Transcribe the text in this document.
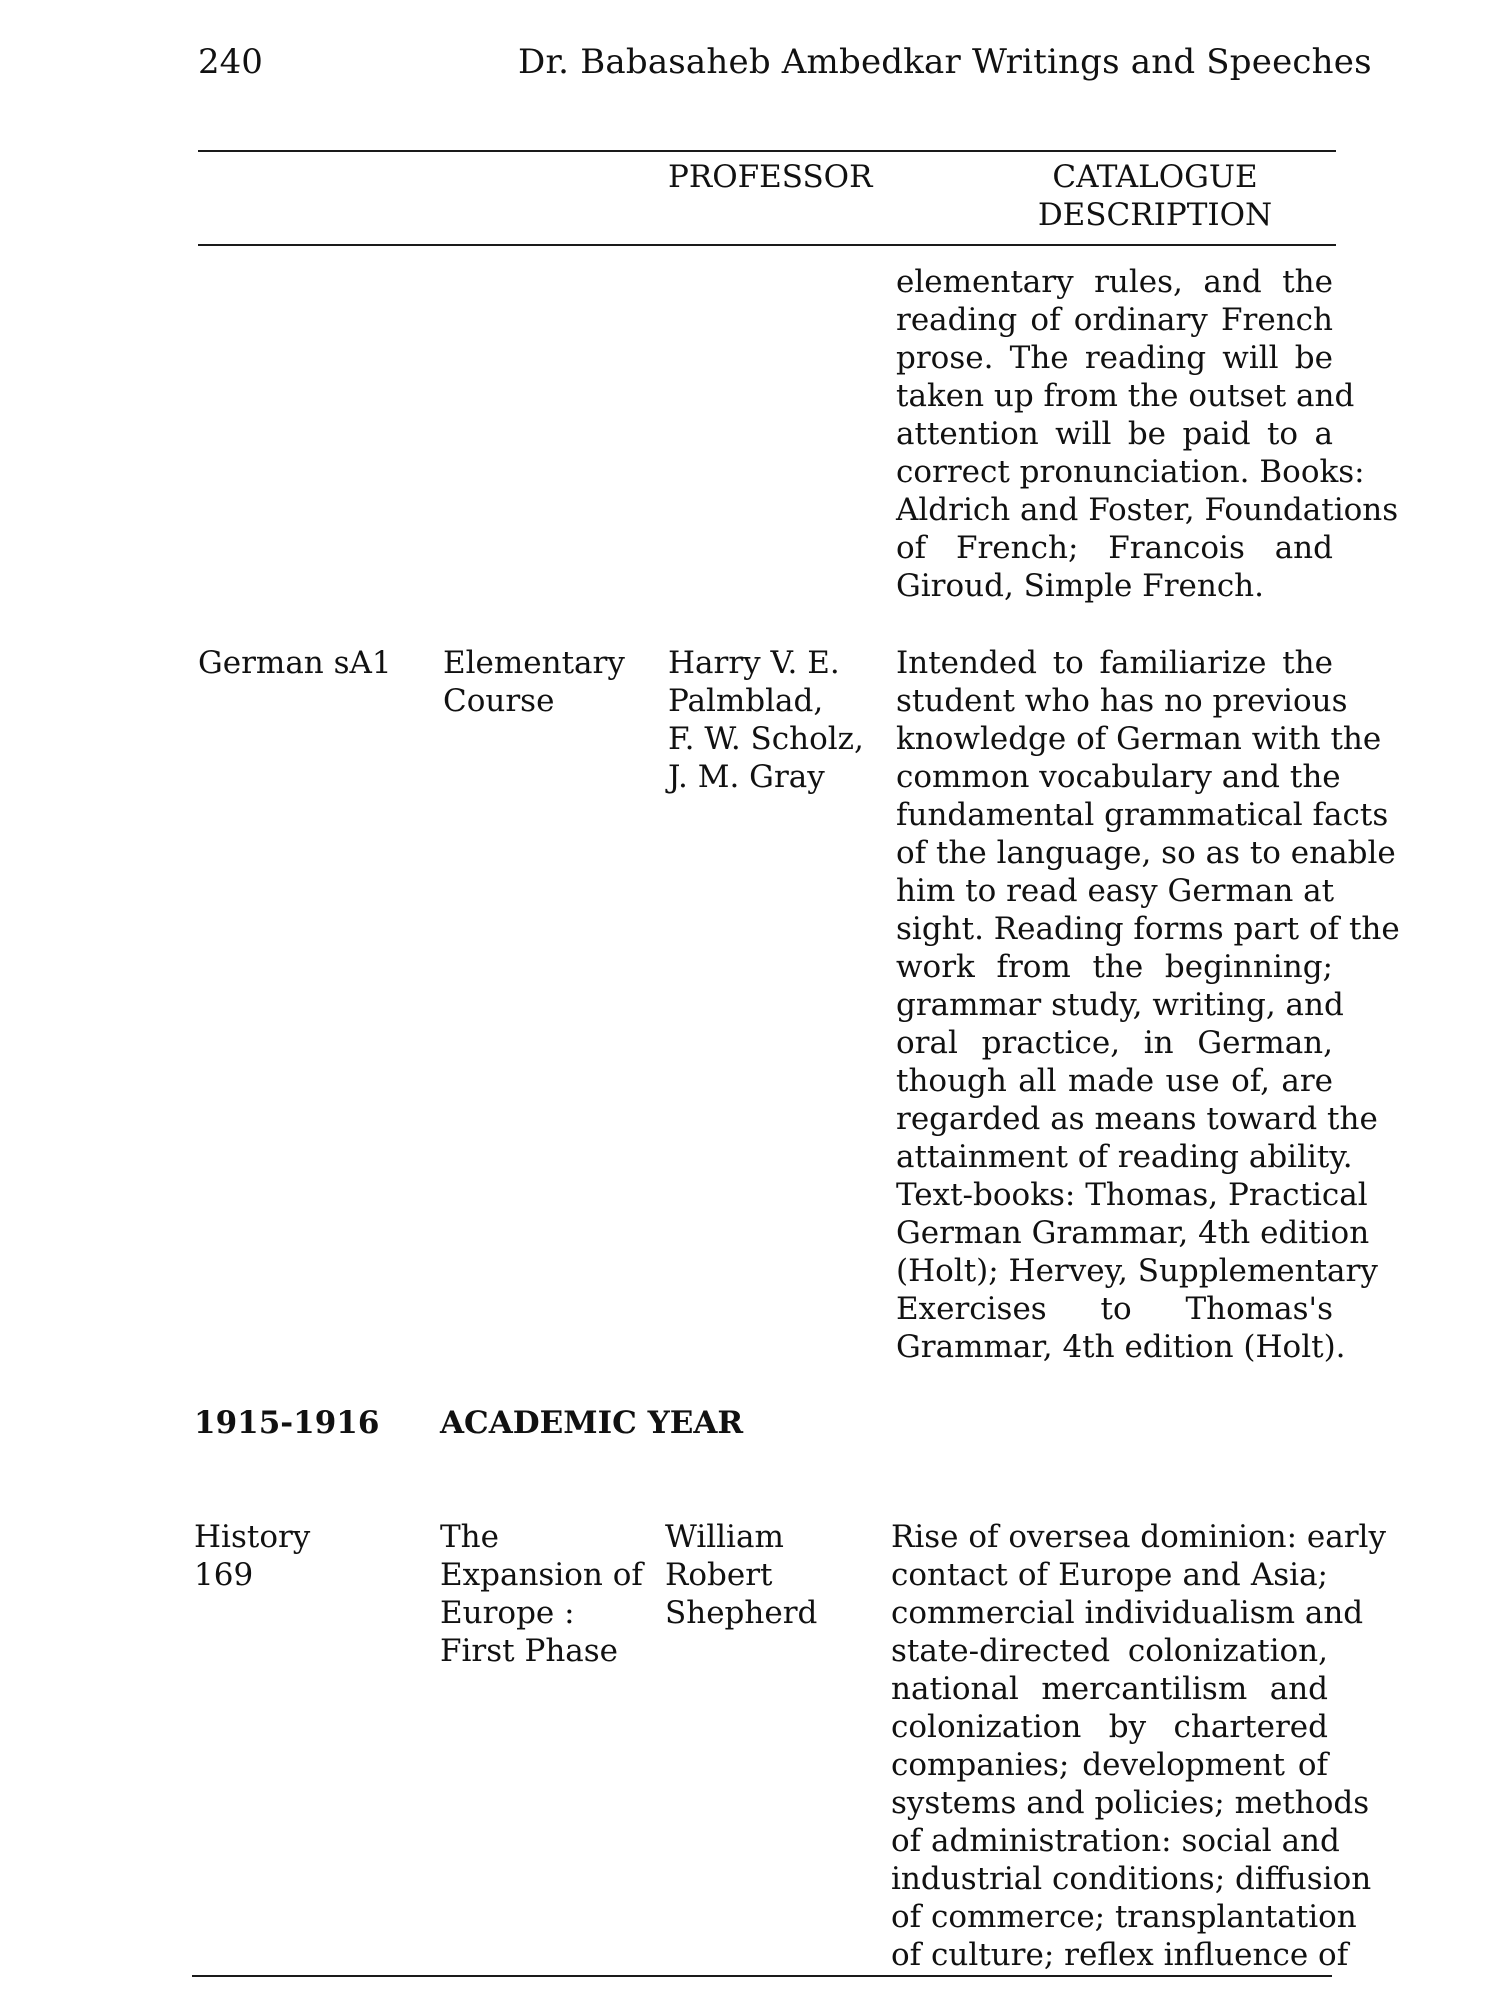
240	Dr. Babasaheb Ambedkar Writings and Speeches
PROFESSOR	CATALOGUE
DESCRIPTION
elementary rules, and the
reading of ordinary French
prose. The reading will be
taken up from the outset and
attention will be paid to a
correct pronunciation. Books:
Aldrich and Foster, Foundations
of French; Francois and
Giroud, Simple French.
German sA1 Elementary
Course
Harry V. E.
Palmblad,
F. W. Scholz,
J. M. Gray
Intended to familiarize the
student who has no previous
knowledge of German with the
common vocabulary and the
fundamental grammatical facts
of the language, so as to enable
him to read easy German at
sight. Reading forms part of the
work from the beginning;
grammar study, writing, and
oral practice, in German,
though all made use of, are
regarded as means toward the
attainment of reading ability.
Text-books: Thomas, Practical
German Grammar, 4th edition
(Holt); Hervey, Supplementary
Exercises to Thomas's
Grammar, 4th edition (Holt).
1915-1916 ACADEMIC YEAR
History
169
The
Expansion of
Europe :
First Phase
William
Robert
Shepherd
Rise of oversea dominion: early
contact of Europe and Asia;
commercial individualism and
state-directed colonization,
national mercantilism and
colonization by chartered
companies; development of
systems and policies; methods
of administration: social and
industrial conditions; diffusion
of commerce; transplantation
of culture; reflex influence of
